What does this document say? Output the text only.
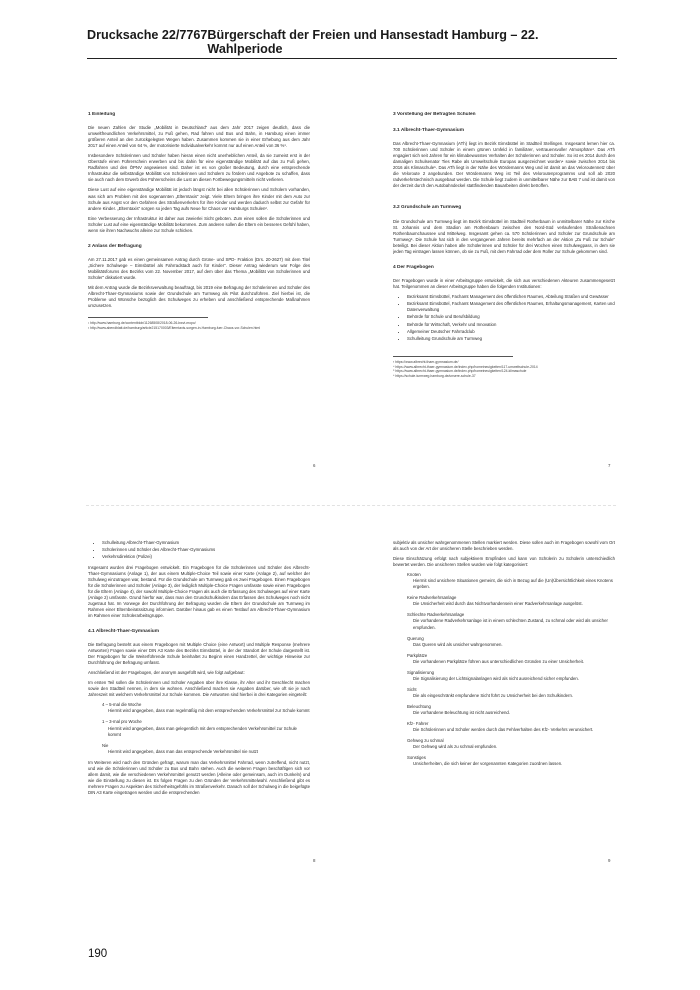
Drucksache 22/7767 Bürgerschaft der Freien und Hansestadt Hamburg – 22. Wahlperiode
1 Einleitung

Die neuen Zahlen der Studie „Mobilität in Deutschland“ aus dem Jahr 2017 zeigen deutlich, dass die umweltfreundlichen Verkehrsmittel, zu Fuß gehen, Rad fahren und Bus und Bahn, in Hamburg einen immer größeren Anteil an den zurückgelegten Wegen haben. Zusammen kommen sie in einer Erhebung aus dem Jahr 2017 auf einen Anteil von 64 %, der motorisierte Individualverkehr kommt nur auf einen Anteil von 36 %¹.

Insbesondere Schülerinnen und Schüler haben hieran einen nicht unerheblichen Anteil, da sie zumeist erst in der Oberstufe einen Führerschein erwerben und bis dahin für eine eigenständige Mobilität auf das zu Fuß gehen, Radfahren und den ÖPNV angewiesen sind. Daher ist es von großer Bedeutung, durch eine entsprechende Infrastruktur die selbständige Mobilität von Schülerinnen und Schülern zu fördern und Angebote zu schaffen, dass sie auch nach dem Erwerb des Führerscheins die Lust an diesen Fortbewegungsmitteln nicht verlieren.

Diese Lust auf eine eigenständige Mobilität ist jedoch längst nicht bei allen Schülerinnen und Schülern vorhanden, was sich am Problem mit den sogenannten „Elterntaxis“ zeigt. Viele Eltern bringen ihre Kinder mit dem Auto zur Schule aus Angst vor den Gefahren des Straßenverkehrs für ihre Kinder und werden dadurch selbst zur Gefahr für andere Kinder. „Elterntaxis“ sorgen so jeden Tag aufs Neue für Chaos vor Hamburgs Schulen².

Eine Verbesserung der Infrastruktur ist daher aus zweierlei Sicht geboten. Zum einen sollen die Schülerinnen und Schüler Lust auf eine eigenständige Mobilität bekommen. Zum anderen sollen die Eltern ein besseres Gefühl haben, wenn sie ihren Nachwuchs alleine zur Schule schicken.

2 Anlass der Befragung

Am 27.11.2017 gab es einen gemeinsamen Antrag durch Grüne- und SPD- Fraktion (Drs. 20-2627) mit dem Titel „Sichere Schulwege – Eimsbüttel als Fahrradstadt auch für Kinder“. Dieser Antrag wiederum war Folge des Mobilitätsforums des Bezirks vom 22. November 2017, auf dem über das Thema „Mobilität von Schülerinnen und Schüler“ diskutiert wurde.

Mit dem Antrag wurde die Bezirksverwaltung beauftragt, bis 2019 eine Befragung der Schülerinnen und Schüler des Albrecht-Thaer-Gymnasiums sowie der Grundschule am Turmweg als Pilot durchzuführen. Ziel hierbei ist, die Probleme und Wünsche bezüglich des Schulweges zu erheben und anschließend entsprechende Maßnahmen umzusetzen.

¹ http://www.hamburg.de/contentblob/11268508/2018-06-26-bwvi-mopo/
² http://www.abendblatt.de/hamburg/article215170003/Elterntaxis-sorgen-in-Hamburg-fuer-Chaos-vor-Schulen.html
6
3 Vorstellung der Befragten Schulen
3.1 Albrecht-Thaer-Gymnasium

Das Albrecht-Thaer-Gymnasium (ATh) liegt im Bezirk Eimsbüttel im Stadtteil Stellingen. Insgesamt lernen hier ca. 700 Schülerinnen und Schüler in einem grünen Umfeld in familiärer, vertrauensvoller Atmosphäre³. Das ATh engagiert sich seit Jahren für ein klimabewusstes Verhalten der Schülerinnen und Schüler. So ist es 2014 durch den damaligen Schulsenator Ties Rabe als Umweltschule Europas ausgezeichnet worden⁴ sowie zwischen 2014 bis 2016 als Klimaschule⁵. Das ATh liegt in der Nähe des Wördemanns Weg und ist damit an das Veloroutennetz über die Veloroute 2 angebunden. Der Wördemanns Weg ist Teil des Veloroutenprogramms und soll ab 2020 radverkehrstechnisch ausgebaut werden. Die Schule liegt zudem in unmittelbarer Nähe zur BAB 7 und ist damit von der derzeit durch den Autobahndeckel stattfindenden Bauarbeiten direkt betroffen.

3.2 Grundschule am Turmweg

Die Grundschule am Turmweg liegt im Bezirk Eimsbüttel im Stadtteil Rotherbaum in unmittelbarer Nähe zur Kirche St. Johannis und dem Stadion am Rothenbaum zwischen den Nord-Süd verlaufenden Straßenachsen Rothenbaumchaussee und Mittelweg. Insgesamt gehen ca. 570 Schülerinnen und Schüler zur Grundschule am Turmweg⁶. Die Schule hat sich in den vergangenen Jahren bereits mehrfach an der Aktion „Zu Fuß zur Schule“ beteiligt. Bei dieser Aktion haben alle Schülerinnen und Schüler für drei Wochen einen Schulwegpass, in dem sie jeden Tag eintragen lassen können, ob sie zu Fuß, mit dem Fahrrad oder dem Roller zur Schule gekommen sind.

4 Der Fragebogen

Der Fragebogen wurde in einer Arbeitsgruppe entwickelt, die sich aus verschiedenen Akteuren zusammengesetzt hat. Teilgenommen an dieser Arbeitsgruppe haben die folgenden Institutionen:

• Bezirksamt Eimsbüttel, Fachamt Management des öffentlichen Raumes, Abteilung Straßen und Gewässer
• Bezirksamt Eimsbüttel, Fachamt Management des öffentlichen Raumes, Erhaltungsmanagement, Karten und Datenverwaltung
• Behörde für Schule und Berufsbildung
• Behörde für Wirtschaft, Verkehr und Innovation
• Allgemeiner Deutscher Fahrradclub
• Schulleitung Grundschule am Turmweg
³ https://www.albrecht-thaer-gymnasium.de/
⁴ https://www.albrecht-thaer-gymnasium.de/index.php/homeineuigkeiten/117-umweltschule-2014
⁵ https://www.albrecht-thaer-gymnasium.de/index.php/homeineuigkeiten/124-klimaschule
⁶ https://schule-turmweg.hamburg.de/unsere-schule-37
7
• Schulleitung Albrecht-Thaer-Gymnasium
• Schülerinnen und Schüler des Albrecht-Thaer-Gymnasiums
• Verkehrsdirektion (Polizei)

Insgesamt wurden drei Fragebogen entwickelt. Ein Fragebogen für die Schülerinnen und Schüler des Albrecht-Thaer-Gymnasiums (Anlage 1), der aus einem Multiple-Choice Teil sowie einer Karte (Anlage 2), auf welcher der Schulweg einzutragen war, bestand. Für die Grundschule am Turmweg gab es zwei Fragebogen. Einen Fragebogen für die Schülerinnen und Schüler (Anlage 3), der lediglich Multiple-Choice Fragen umfasste sowie einen Fragebogen für die Eltern (Anlage 4), der sowohl Multiple-Choice Fragen als auch die Erfassung des Schulweges auf einer Karte (Anlage 2) umfasste. Grund hierfür war, dass man den Grundschulkindern das Erfassen des Schulweges noch nicht zugetraut hat. Im Vorwege der Durchführung der Befragung wurden die Eltern der Grundschule am Turmweg im Rahmen einer Elternbeiratssitzung informiert. Darüber hinaus gab es einen Testlauf am Albrecht-Thaer-Gymnasium im Rahmen einer Schülerarbeitsgruppe.

4.1 Albrecht-Thaer-Gymnasium

Die Befragung besteht aus einem Fragebogen mit Multiple Choice (eine Antwort) und Multiple Response (mehrere Antworten) Fragen sowie einer DIN A3 Karte des Bezirks Eimsbüttel, in der der Standort der Schule dargestellt ist. Der Fragebogen für die Weiterführende Schule beinhaltet zu Beginn einen Handzettel, der wichtige Hinweise zur Durchführung der Befragung umfasst.

Anschließend ist der Fragebogen, der anonym ausgefüllt wird, wie folgt aufgebaut:

Im ersten Teil sollen die Schülerinnen und Schüler Angaben über ihre Klasse, ihr Alter und ihr Geschlecht machen sowie den Stadtteil nennen, in dem sie wohnen. Anschließend machen sie Angaben darüber, wie oft sie je nach Jahreszeit mit welchem Verkehrsmittel zur Schule kommen. Die Antworten sind hierbei in drei Kategorien eingeteilt:

4 – 5-mal die Woche
Hiermit wird angegeben, dass man regelmäßig mit dem entsprechenden Verkehrsmittel zur Schule kommt
1 – 3-mal pro Woche
Hiermit wird angegeben, dass man gelegentlich mit dem entsprechenden Verkehrsmittel zur Schule kommt
Nie
Hiermit wird angegeben, dass man das entsprechende Verkehrsmittel nie nutzt

Im Weiteren wird nach den Gründen gefragt, warum man das Verkehrsmittel Fahrrad, wenn zutreffend, nicht nutzt, und wie die Schülerinnen und Schüler zu Bus und Bahn stehen. Auch die weiteren Fragen beschäftigen sich vor allem damit, wie die verschiedenen Verkehrsmittel genutzt werden (Alleine oder gemeinsam, auch im Dunkeln) und wie die Einstellung zu diesen ist. Es folgen Fragen zu den Gründen der Verkehrsmittelwahl. Anschließend gibt es mehrere Fragen zu Aspekten des Sicherheitsgefühls im Straßenverkehr. Danach soll der Schulweg in die beigefügte DIN A3 Karte eingetragen werden und die entsprechenden

8

subjektiv als unsicher wahrgenommenen Stellen markiert werden. Diese sollen auch im Fragebogen sowohl vom Ort als auch von der Art der unsicheren Stelle beschrieben werden.

Diese Einschätzung erfolgt nach subjektivem Empfinden und kann von Schülerin zu Schülerin unterschiedlich bewertet werden. Die unsicheren Stellen wurden wie folgt kategorisiert:

Knoten
Hiermit sind unsichere Situationen gemeint, die sich in Bezug auf die (Un)Übersichtlichkeit eines Knotens ergeben.
Keine Radverkehrsanlage
Die Unsicherheit wird durch das Nichtvorhandensein einer Radverkehrsanlage ausgelöst.
Schlechte Radverkehrsanlage
Die vorhandene Radverkehrsanlage ist in einem schlechten Zustand, zu schmal oder wird als unsicher empfunden.
Querung
Das Queren wird als unsicher wahrgenommen.
Parkplätze
Die vorhandenen Parkplätze führen aus unterschiedlichen Gründen zu einer Unsicherheit.
Signalisierung
Die Signalisierung der Lichtsignalanlagen wird als nicht ausreichend sicher empfunden.
Sicht
Die als eingeschränkt empfundene Sicht führt zu Unsicherheit bei den Schulkindern.
Beleuchtung
Die vorhandene Beleuchtung ist nicht ausreichend.
Kfz- Fahrer
Die Schülerinnen und Schüler werden durch das Fehlverhalten des Kfz- Verkehrs verunsichert.
Gehweg zu schmal
Der Gehweg wird als zu schmal empfunden.
Sonstiges
Unsicherheiten, die sich keiner der vorgenannten Kategorien zuordnen lassen.
9
190
